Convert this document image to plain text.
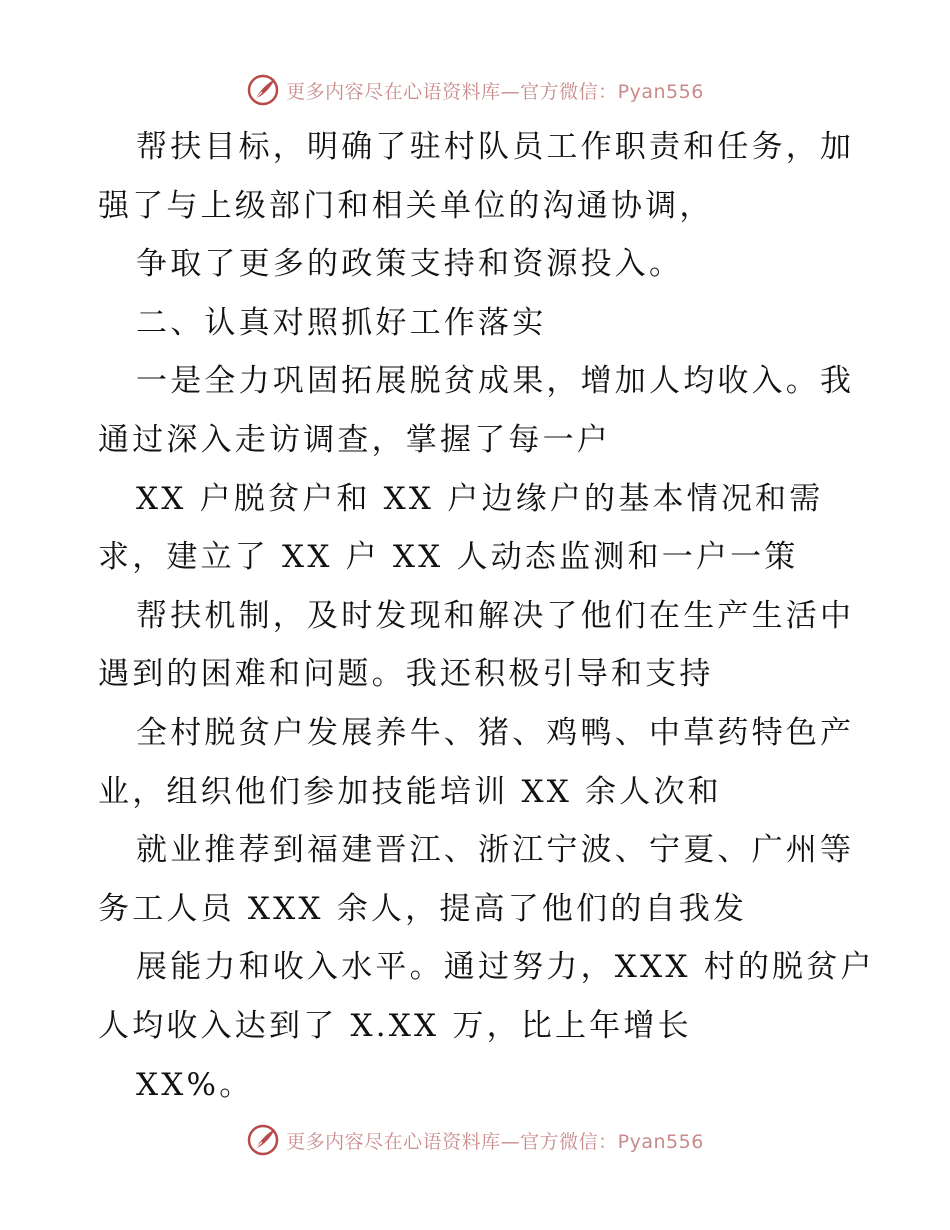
更多内容尽在心语资料库—官方微信：Pyan556
帮扶目标，明确了驻村队员工作职责和任务，加
强了与上级部门和相关单位的沟通协调，
争取了更多的政策支持和资源投入。
二、认真对照抓好工作落实
一是全力巩固拓展脱贫成果，增加人均收入。我
通过深入走访调查，掌握了每一户
XX 户脱贫户和 XX 户边缘户的基本情况和需
求，建立了 XX 户 XX 人动态监测和一户一策
帮扶机制，及时发现和解决了他们在生产生活中
遇到的困难和问题。我还积极引导和支持
全村脱贫户发展养牛、猪、鸡鸭、中草药特色产
业，组织他们参加技能培训 XX 余人次和
就业推荐到福建晋江、浙江宁波、宁夏、广州等
务工人员 XXX 余人，提高了他们的自我发
展能力和收入水平。通过努力，XXX 村的脱贫户
人均收入达到了 X.XX 万，比上年增长
XX%。
更多内容尽在心语资料库—官方微信：Pyan556
